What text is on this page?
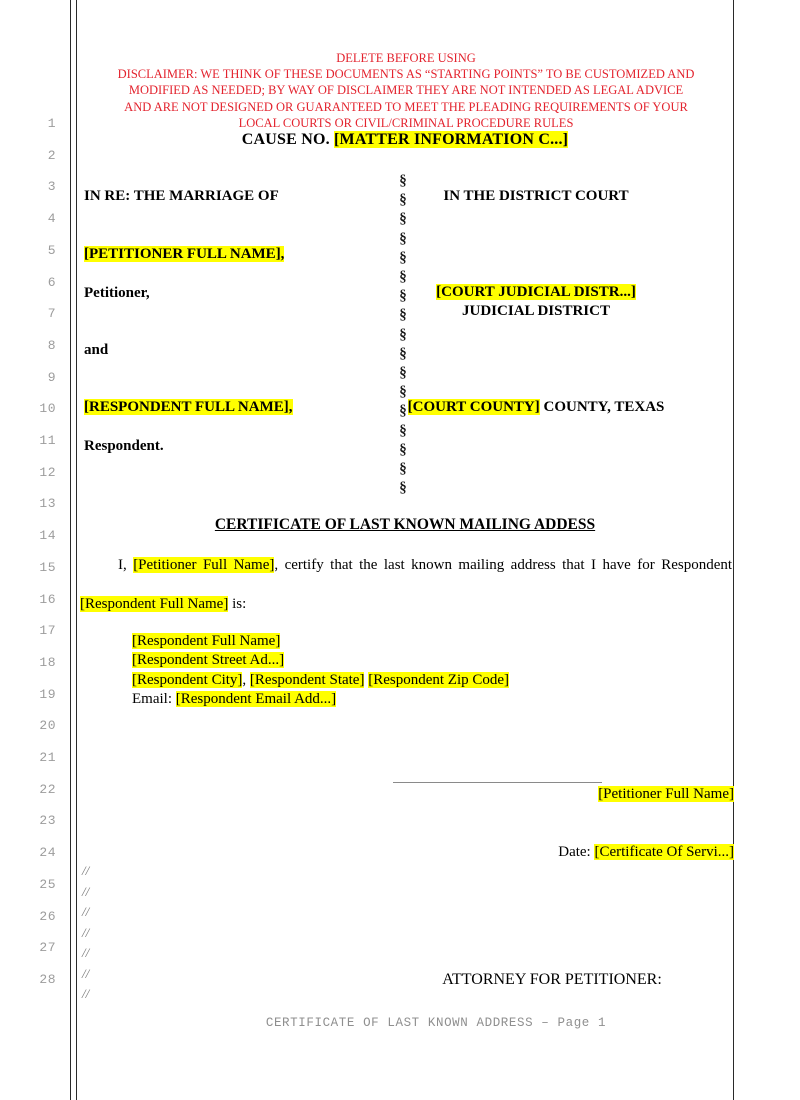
1
2
3
4
5
6
7
8
9
10
11
12
13
14
15
16
17
18
19
20
21
22
23
24
25
26
27
28
DELETE BEFORE USING
DISCLAIMER: WE THINK OF THESE DOCUMENTS AS “STARTING POINTS” TO BE CUSTOMIZED AND
MODIFIED AS NEEDED; BY WAY OF DISCLAIMER THEY ARE NOT INTENDED AS LEGAL ADVICE
AND ARE NOT DESIGNED OR GUARANTEED TO MEET THE PLEADING REQUIREMENTS OF YOUR
LOCAL COURTS OR CIVIL/CRIMINAL PROCEDURE RULES
CAUSE NO. [MATTER INFORMATION C...]
IN RE: THE MARRIAGE OF
[PETITIONER FULL NAME],
Petitioner,
and
[RESPONDENT FULL NAME],
Respondent.
§
§
§
§
§
§
§
§
§
§
§
§
§
§
§
§
§
IN THE DISTRICT COURT
[COURT JUDICIAL DISTR...]
JUDICIAL DISTRICT
[COURT COUNTY] COUNTY, TEXAS
CERTIFICATE OF LAST KNOWN MAILING ADDESS
I, [Petitioner Full Name], certify that the last known mailing address that I have for Respondent [Respondent Full Name] is:
[Respondent Full Name]
[Respondent Street Ad...]
[Respondent City], [Respondent State] [Respondent Zip Code]
Email: [Respondent Email Add...]
[Petitioner Full Name]
Date: [Certificate Of Servi...]
ATTORNEY FOR PETITIONER:
CERTIFICATE OF LAST KNOWN ADDRESS – Page 1
//
//
//
//
//
//
//
